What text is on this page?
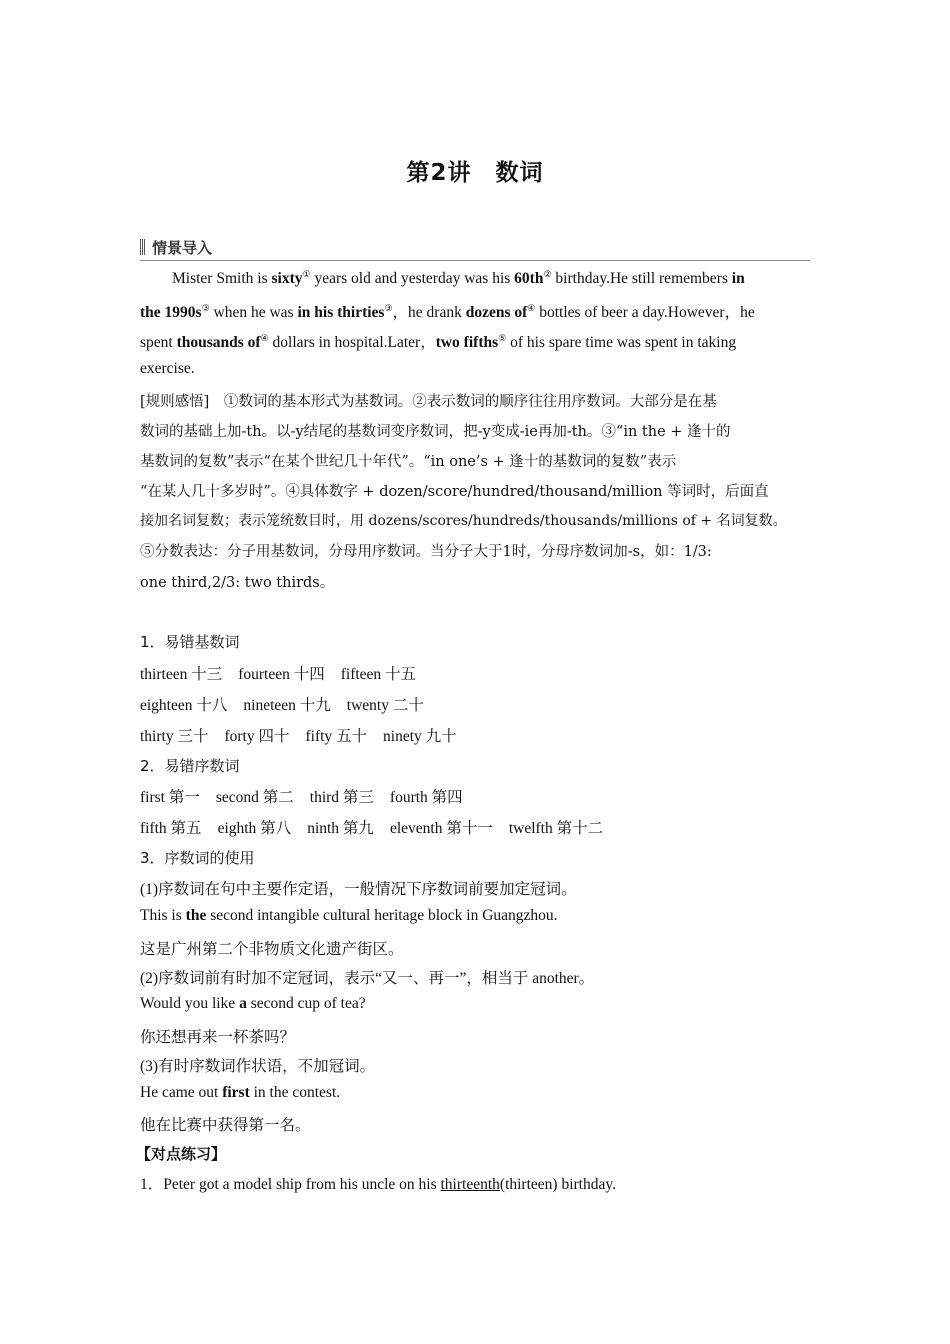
第2讲　数词
情景导入
Mister Smith is sixty① years old and yesterday was his 60th② birthday.He still remembers in
the 1990s③ when he was in his thirties③，he drank dozens of④ bottles of beer a day.However，he
spent thousands of④ dollars in hospital.Later，two fifths⑤ of his spare time was spent in taking
exercise.
[规则感悟]　①数词的基本形式为基数词。②表示数词的顺序往往用序数词。大部分是在基
数词的基础上加-th。以-y结尾的基数词变序数词，把-y变成-ie再加-th。③“in the + 逢十的
基数词的复数”表示“在某个世纪几十年代”。“in one’s + 逢十的基数词的复数”表示
“在某人几十多岁时”。④具体数字 + dozen/score/hundred/thousand/million 等词时，后面直
接加名词复数；表示笼统数目时，用 dozens/scores/hundreds/thousands/millions of + 名词复数。
⑤分数表达：分子用基数词，分母用序数词。当分子大于1时，分母序数词加-s，如：1/3:
one third,2/3: two thirds。
1．易错基数词
thirteen 十三 fourteen 十四 fifteen 十五
eighteen 十八 nineteen 十九 twenty 二十
thirty 三十 forty 四十 fifty 五十 ninety 九十
2．易错序数词
first 第一 second 第二 third 第三 fourth 第四
fifth 第五 eighth 第八 ninth 第九 eleventh 第十一 twelfth 第十二
3．序数词的使用
(1)序数词在句中主要作定语，一般情况下序数词前要加定冠词。
This is the second intangible cultural heritage block in Guangzhou.
这是广州第二个非物质文化遗产街区。
(2)序数词前有时加不定冠词，表示“又一、再一”，相当于 another。
Would you like a second cup of tea?
你还想再来一杯茶吗？
(3)有时序数词作状语，不加冠词。
He came out first in the contest.
他在比赛中获得第一名。
【对点练习】
1．Peter got a model ship from his uncle on his thirteenth(thirteen) birthday.
